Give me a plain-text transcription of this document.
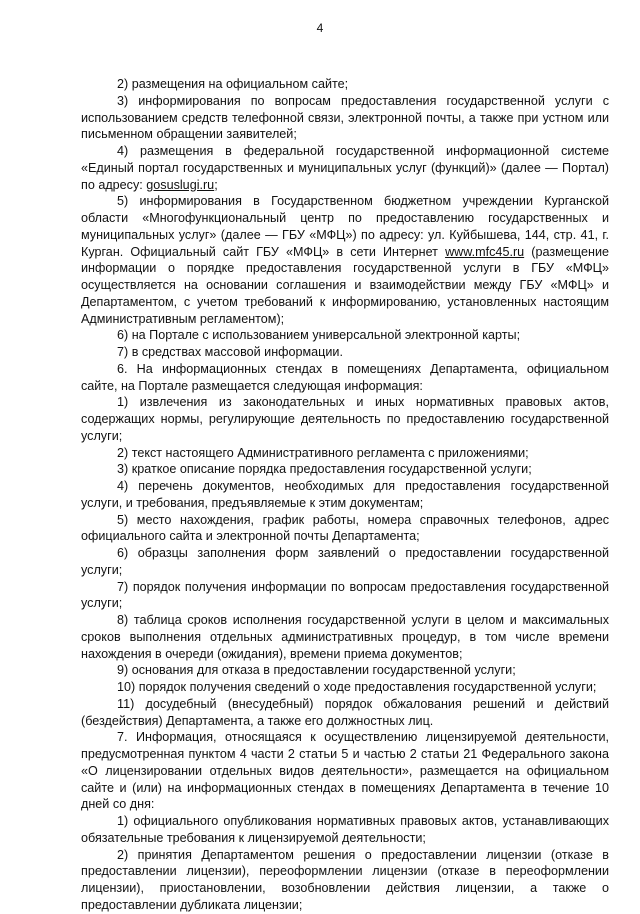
4

2) размещения на официальном сайте;

3) информирования по вопросам предоставления государственной услуги с использованием средств телефонной связи, электронной почты, а также при устном или письменном обращении заявителей;

4) размещения в федеральной государственной информационной системе «Единый портал государственных и муниципальных услуг (функций)» (далее — Портал) по адресу: gosuslugi.ru;

5) информирования в Государственном бюджетном учреждении Курганской области «Многофункциональный центр по предоставлению государственных и муниципальных услуг» (далее — ГБУ «МФЦ») по адресу: ул. Куйбышева, 144, стр. 41, г. Курган. Официальный сайт ГБУ «МФЦ» в сети Интернет www.mfc45.ru (размещение информации о порядке предоставления государственной услуги в ГБУ «МФЦ» осуществляется на основании соглашения и взаимодействии между ГБУ «МФЦ» и Департаментом, с учетом требований к информированию, установленных настоящим Административным регламентом);

6) на Портале с использованием универсальной электронной карты;

7) в средствах массовой информации.

6. На информационных стендах в помещениях Департамента, официальном сайте, на Портале размещается следующая информация:

1) извлечения из законодательных и иных нормативных правовых актов, содержащих нормы, регулирующие деятельность по предоставлению государственной услуги;

2) текст настоящего Административного регламента с приложениями;

3) краткое описание порядка предоставления государственной услуги;

4) перечень документов, необходимых для предоставления государственной услуги, и требования, предъявляемые к этим документам;

5) место нахождения, график работы, номера справочных телефонов, адрес официального сайта и электронной почты Департамента;

6) образцы заполнения форм заявлений о предоставлении государственной услуги;

7) порядок получения информации по вопросам предоставления государственной услуги;

8) таблица сроков исполнения государственной услуги в целом и максимальных сроков выполнения отдельных административных процедур, в том числе времени нахождения в очереди (ожидания), времени приема документов;

9) основания для отказа в предоставлении государственной услуги;

10) порядок получения сведений о ходе предоставления государственной услуги;

11) досудебный (внесудебный) порядок обжалования решений и действий (бездействия) Департамента, а также его должностных лиц.

7. Информация, относящаяся к осуществлению лицензируемой деятельности, предусмотренная пунктом 4 части 2 статьи 5 и частью 2 статьи 21 Федерального закона «О лицензировании отдельных видов деятельности», размещается на официальном сайте и (или) на информационных стендах в помещениях Департамента в течение 10 дней со дня:

1) официального опубликования нормативных правовых актов, устанавливающих обязательные требования к лицензируемой деятельности;

2) принятия Департаментом решения о предоставлении лицензии (отказе в предоставлении лицензии), переоформлении лицензии (отказе в переоформлении лицензии), приостановлении, возобновлении действия лицензии, а также о предоставлении дубликата лицензии;
